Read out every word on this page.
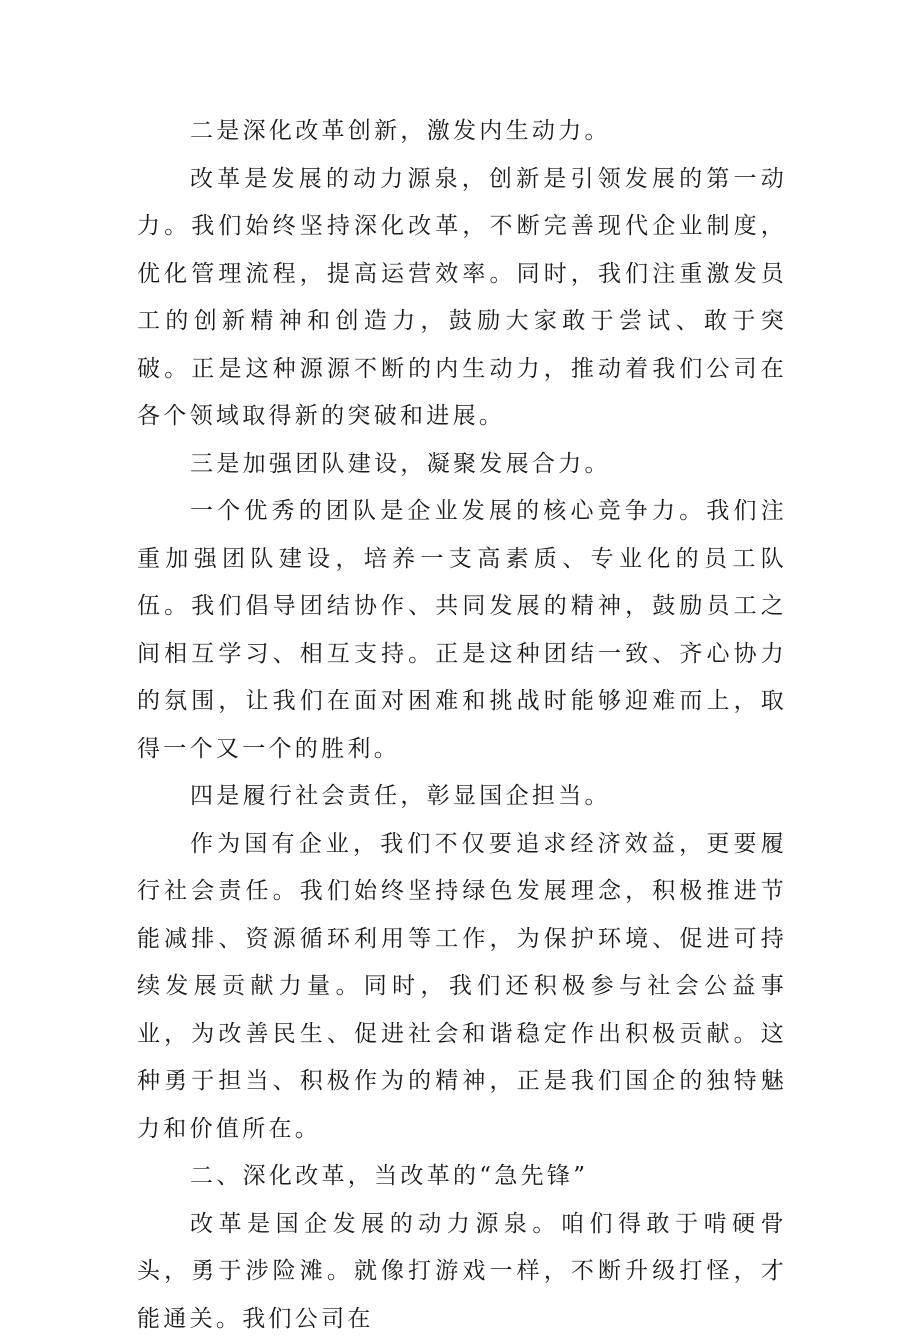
二是深化改革创新，激发内生动力。

改革是发展的动力源泉，创新是引领发展的第一动力。我们始终坚持深化改革，不断完善现代企业制度，优化管理流程，提高运营效率。同时，我们注重激发员工的创新精神和创造力，鼓励大家敢于尝试、敢于突破。正是这种源源不断的内生动力，推动着我们公司在各个领域取得新的突破和进展。

三是加强团队建设，凝聚发展合力。

一个优秀的团队是企业发展的核心竞争力。我们注重加强团队建设，培养一支高素质、专业化的员工队伍。我们倡导团结协作、共同发展的精神，鼓励员工之间相互学习、相互支持。正是这种团结一致、齐心协力的氛围，让我们在面对困难和挑战时能够迎难而上，取得一个又一个的胜利。

四是履行社会责任，彰显国企担当。

作为国有企业，我们不仅要追求经济效益，更要履行社会责任。我们始终坚持绿色发展理念，积极推进节能减排、资源循环利用等工作，为保护环境、促进可持续发展贡献力量。同时，我们还积极参与社会公益事业，为改善民生、促进社会和谐稳定作出积极贡献。这种勇于担当、积极作为的精神，正是我们国企的独特魅力和价值所在。

二、深化改革，当改革的“急先锋”

改革是国企发展的动力源泉。咱们得敢于啃硬骨头，勇于涉险滩。就像打游戏一样，不断升级打怪，才能通关。我们公司在
